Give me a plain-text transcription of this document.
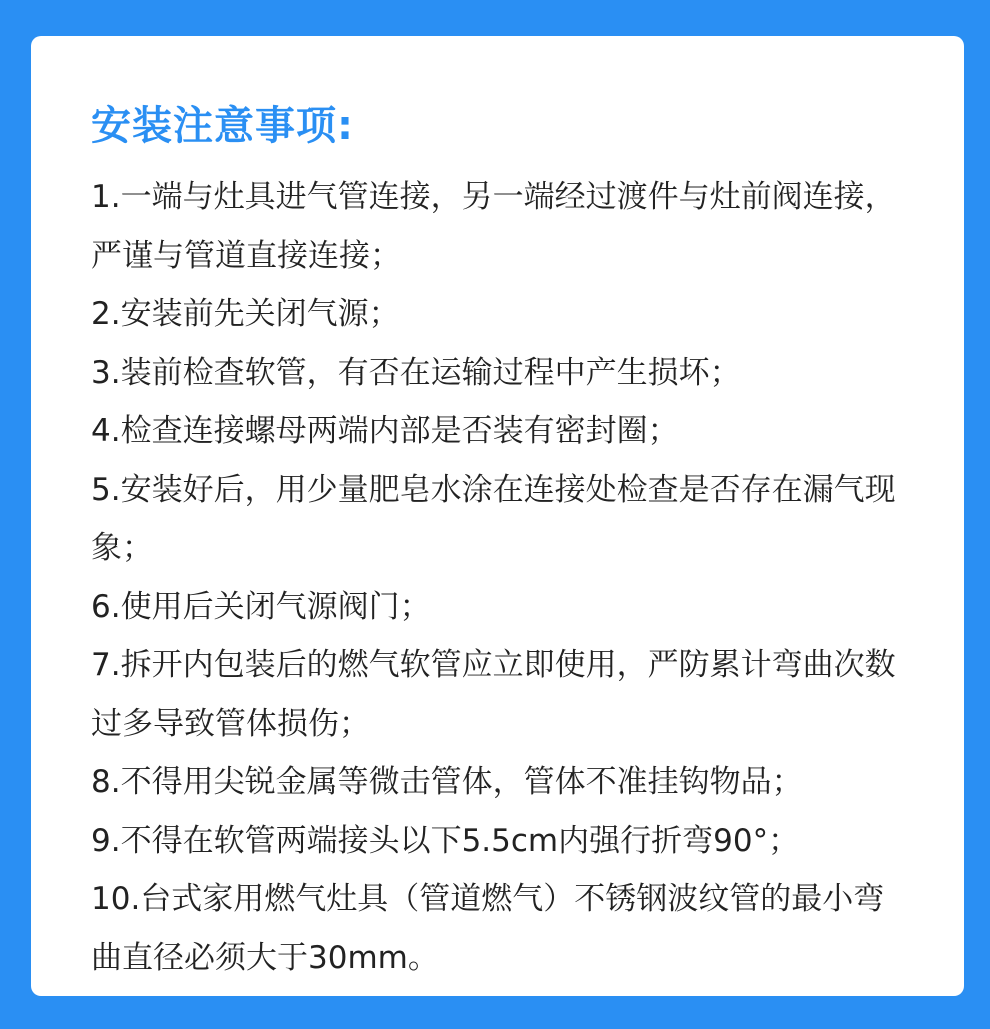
安装注意事项:
1.一端与灶具进气管连接，另一端经过渡件与灶前阀连接，严谨与管道直接连接；
2.安装前先关闭气源；
3.装前检查软管，有否在运输过程中产生损坏；
4.检查连接螺母两端内部是否装有密封圈；
5.安装好后，用少量肥皂水涂在连接处检查是否存在漏气现象；
6.使用后关闭气源阀门；
7.拆开内包装后的燃气软管应立即使用，严防累计弯曲次数过多导致管体损伤；
8.不得用尖锐金属等微击管体，管体不准挂钩物品；
9.不得在软管两端接头以下5.5cm内强行折弯90°；
10.台式家用燃气灶具（管道燃气）不锈钢波纹管的最小弯曲直径必须大于30mm。
